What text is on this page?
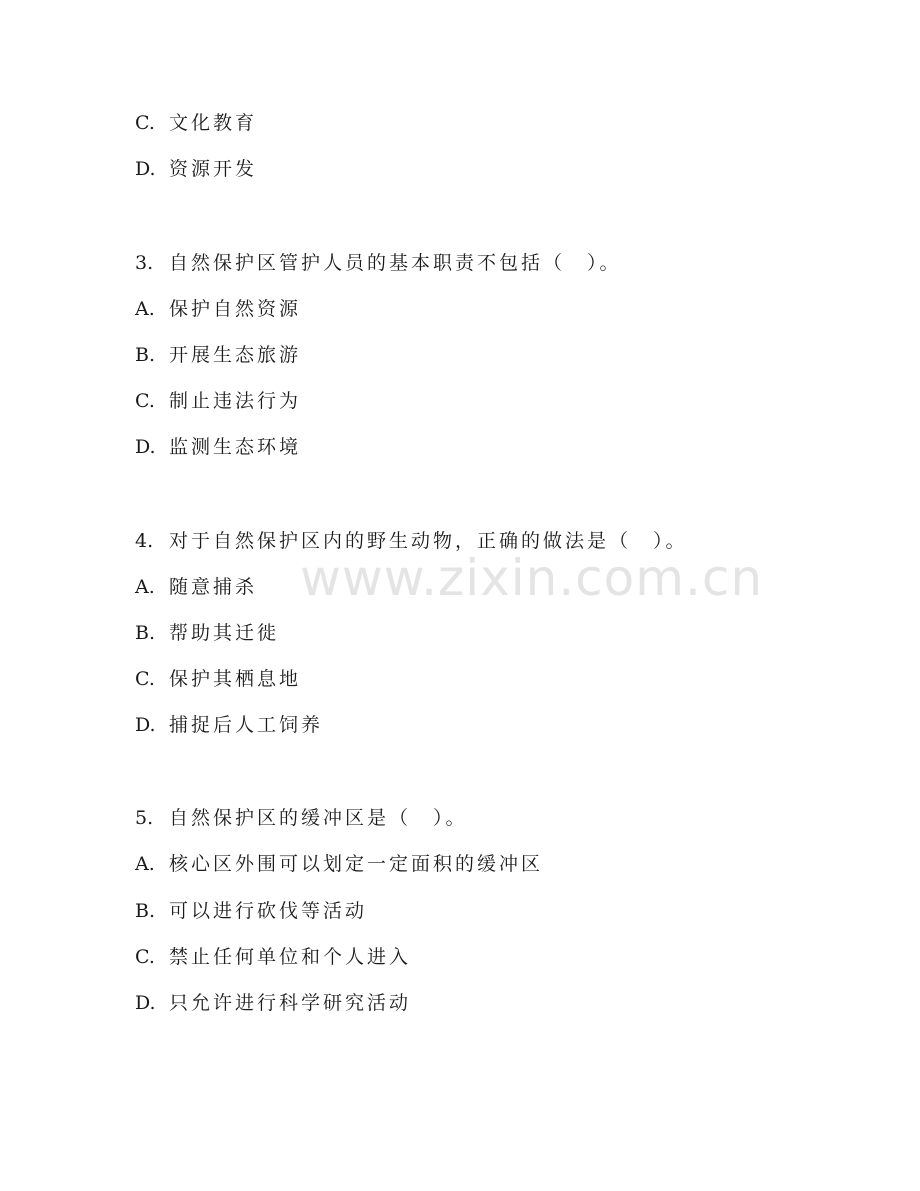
C. 文化教育
D. 资源开发
3. 自然保护区管护人员的基本职责不包括（　）。
A. 保护自然资源
B. 开展生态旅游
C. 制止违法行为
D. 监测生态环境
4. 对于自然保护区内的野生动物，正确的做法是（　）。
A. 随意捕杀
B. 帮助其迁徙
C. 保护其栖息地
D. 捕捉后人工饲养
5. 自然保护区的缓冲区是（　）。
A. 核心区外围可以划定一定面积的缓冲区
B. 可以进行砍伐等活动
C. 禁止任何单位和个人进入
D. 只允许进行科学研究活动
www.zixin.com.cn
